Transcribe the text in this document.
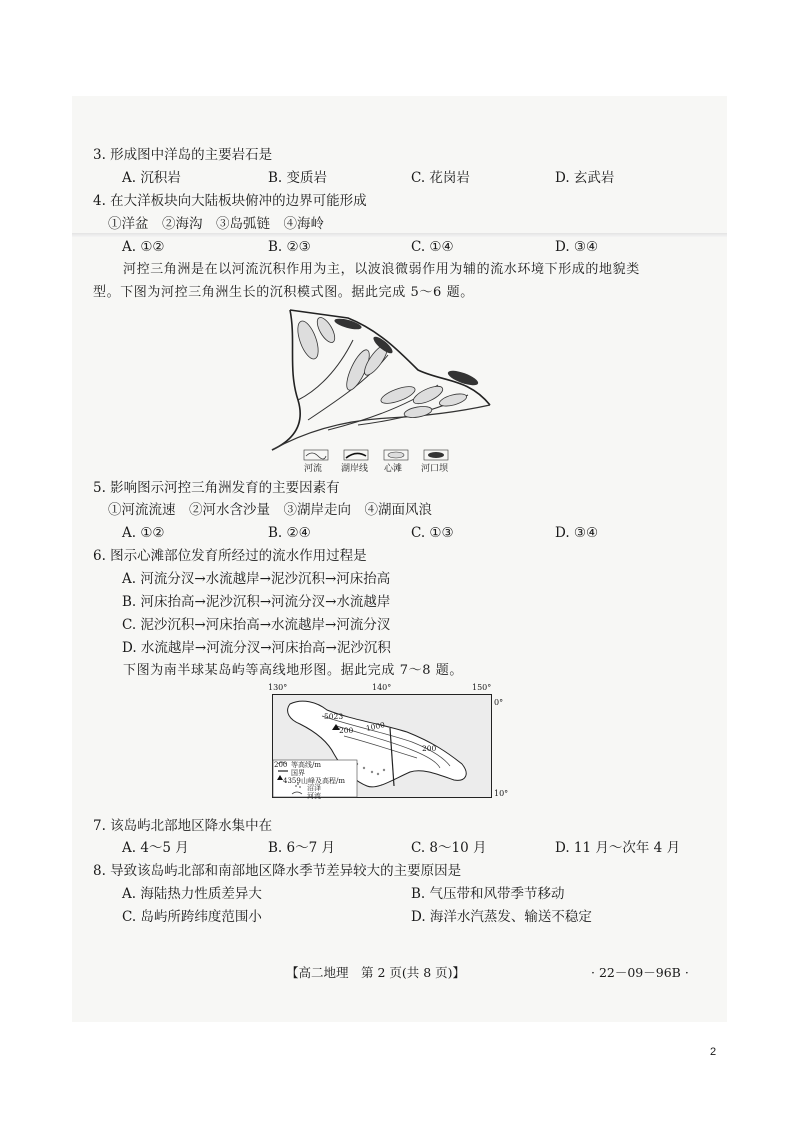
3. 形成图中洋岛的主要岩石是
A. 沉积岩	B. 变质岩	C. 花岗岩	D. 玄武岩
4. 在大洋板块向大陆板块俯冲的边界可能形成
①洋盆　②海沟　③岛弧链　④海岭
A. ①②	B. ②③	C. ①④	D. ③④
河控三角洲是在以河流沉积作用为主，以波浪微弱作用为辅的流水环境下形成的地貌类
型。下图为河控三角洲生长的沉积模式图。据此完成 5～6 题。
河流 湖岸线 心滩 河口坝
5. 影响图示河控三角洲发育的主要因素有
①河流流速　②河水含沙量　③湖岸走向　④湖面风浪
A. ①②	B. ②④	C. ①③	D. ③④
6. 图示心滩部位发育所经过的流水作用过程是
A. 河流分汊→水流越岸→泥沙沉积→河床抬高
B. 河床抬高→泥沙沉积→河流分汊→水流越岸
C. 泥沙沉积→河床抬高→水流越岸→河流分汊
D. 水流越岸→河流分汊→河床抬高→泥沙沉积
下图为南半球某岛屿等高线地形图。据此完成 7～8 题。
130°	140°	150°
0°
10°
5023
200 1000
200
200 等高线/m
国界
4359 山峰及高程/m
沼泽
河流
7. 该岛屿北部地区降水集中在
A. 4～5 月	B. 6～7 月	C. 8～10 月	D. 11 月～次年 4 月
8. 导致该岛屿北部和南部地区降水季节差异较大的主要原因是
A. 海陆热力性质差异大	B. 气压带和风带季节移动
C. 岛屿所跨纬度范围小	D. 海洋水汽蒸发、输送不稳定
【高二地理　第 2 页(共 8 页)】	· 22－09－96B ·
2
